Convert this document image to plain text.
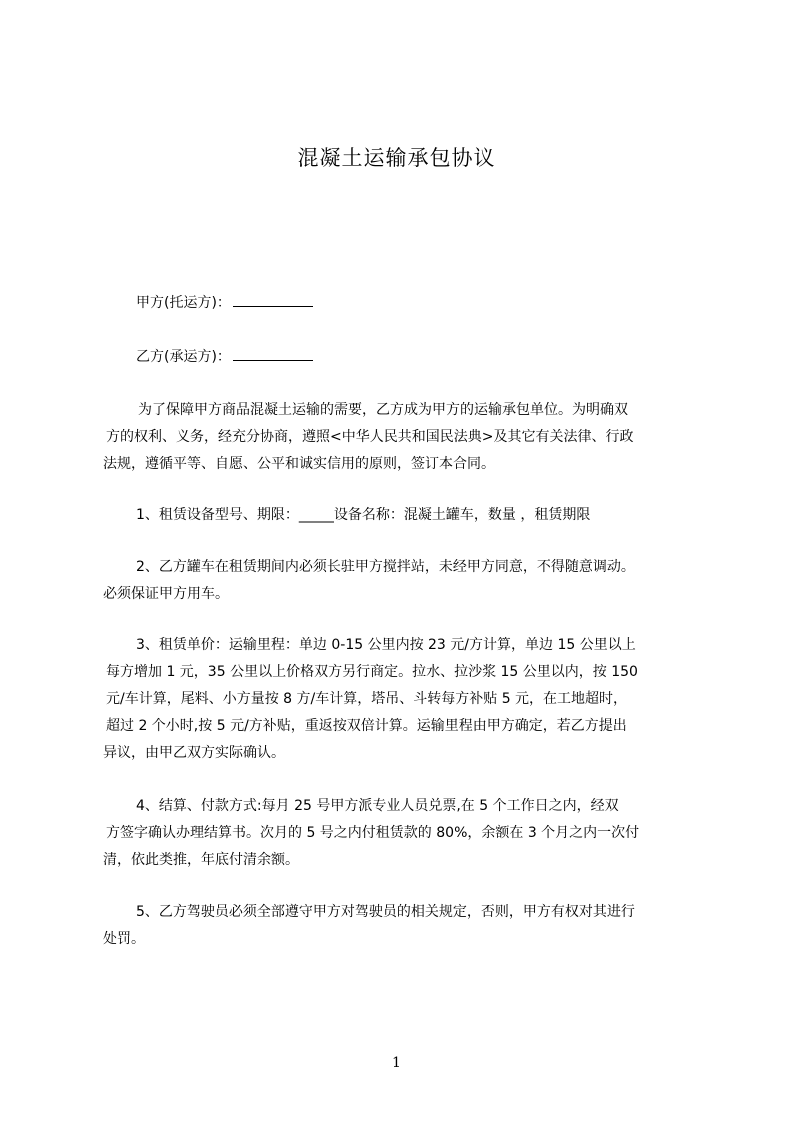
混凝土运输承包协议
甲方(托运方)：
乙方(承运方)：
为了保障甲方商品混凝土运输的需要，乙方成为甲方的运输承包单位。为明确双
方的权利、义务，经充分协商，遵照<中华人民共和国民法典>及其它有关法律、行政
法规，遵循平等、自愿、公平和诚实信用的原则，签订本合同。
1、租赁设备型号、期限：_____设备名称：混凝土罐车，数量 ，租赁期限
2、乙方罐车在租赁期间内必须长驻甲方搅拌站，未经甲方同意，不得随意调动。
必须保证甲方用车。
3、租赁单价：运输里程：单边 0-15 公里内按 23 元/方计算，单边 15 公里以上
每方增加 1 元，35 公里以上价格双方另行商定。拉水、拉沙浆 15 公里以内，按 150
元/车计算，尾料、小方量按 8 方/车计算，塔吊、斗转每方补贴 5 元，在工地超时，
超过 2 个小时,按 5 元/方补贴，重返按双倍计算。运输里程由甲方确定，若乙方提出
异议，由甲乙双方实际确认。
4、结算、付款方式:每月 25 号甲方派专业人员兑票,在 5 个工作日之内，经双
方签字确认办理结算书。次月的 5 号之内付租赁款的 80%，余额在 3 个月之内一次付
清，依此类推，年底付清余额。
5、乙方驾驶员必须全部遵守甲方对驾驶员的相关规定，否则，甲方有权对其进行
处罚。
1
